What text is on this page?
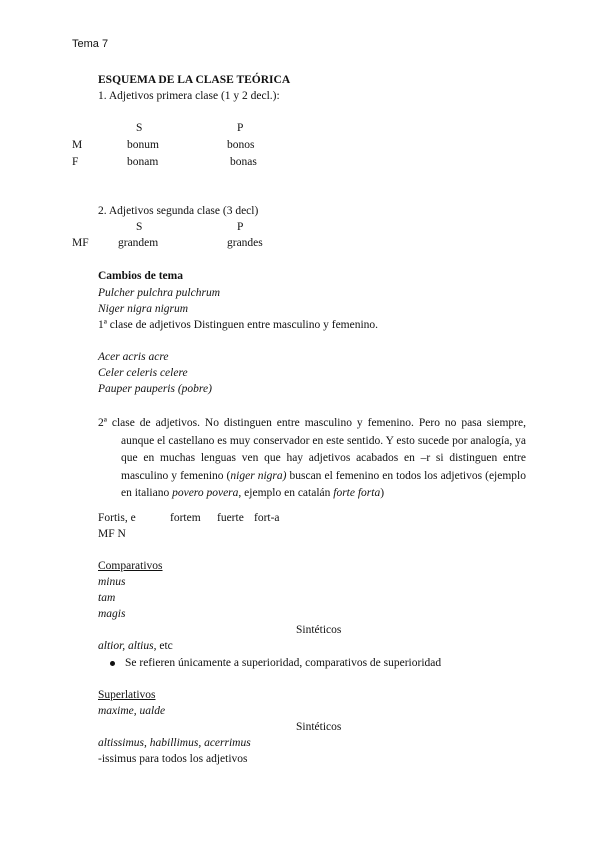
Tema 7
ESQUEMA DE LA CLASE TEÓRICA
1. Adjetivos primera clase (1 y 2 decl.):
S	P
M	bonum	bonos
F	bonam	bonas
2. Adjetivos segunda clase (3 decl)
S	P
MF	grandem	grandes
Cambios de tema
Pulcher pulchra pulchrum
Niger nigra nigrum
1ª clase de adjetivos Distinguen entre masculino y femenino.
Acer acris acre
Celer celeris celere
Pauper pauperis (pobre)

2ª clase de adjetivos. No distinguen entre masculino y femenino. Pero no pasa siempre, aunque el castellano es muy conservador en este sentido. Y esto sucede por analogía, ya que en muchas lenguas ven que hay adjetivos acabados en –r si distinguen entre masculino y femenino (niger nigra) buscan el femenino en todos los adjetivos (ejemplo en italiano povero povera, ejemplo en catalán forte forta)

Fortis, e	fortem fuerte fort-a
MF N
Comparativos
minus
tam
magis
Sintéticos
altior, altius, etc
Se refieren únicamente a superioridad, comparativos de superioridad
Superlativos
maxime, ualde
Sintéticos
altissimus, habillimus, acerrimus
-issimus para todos los adjetivos
